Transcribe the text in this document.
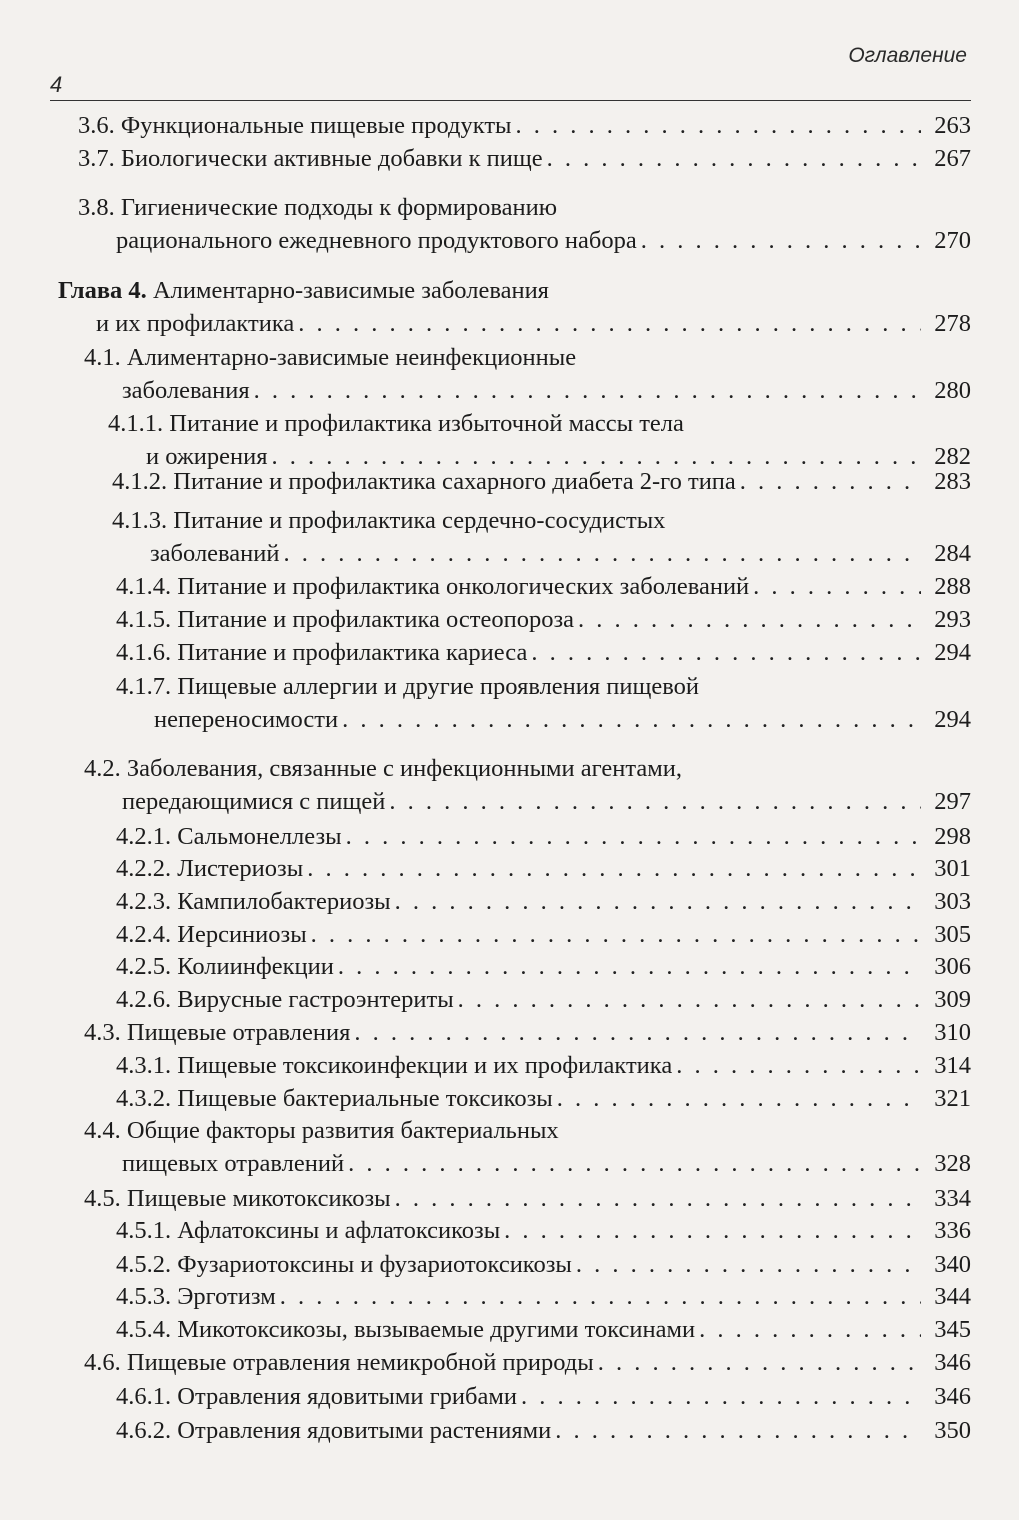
Оглавление
4
3.6. Функциональные пищевые продукты . . .	263
3.7. Биологически активные добавки к пище . . .	267
3.8. Гигиенические подходы к формированию
рационального ежедневного продуктового набора . . .	270
Глава 4. Алиментарно-зависимые заболевания
и их профилактика . . .	278
4.1. Алиментарно-зависимые неинфекционные
заболевания . . .	280
4.1.1. Питание и профилактика избыточной массы тела
и ожирения . . .	282
4.1.2. Питание и профилактика сахарного диабета 2-го типа . . .	283
4.1.3. Питание и профилактика сердечно-сосудистых
заболеваний . . .	284
4.1.4. Питание и профилактика онкологических заболеваний . . .	288
4.1.5. Питание и профилактика остеопороза . . .	293
4.1.6. Питание и профилактика кариеса . . .	294
4.1.7. Пищевые аллергии и другие проявления пищевой
непереносимости . . .	294
4.2. Заболевания, связанные с инфекционными агентами,
передающимися с пищей . . .	297
4.2.1. Сальмонеллезы . . .	298
4.2.2. Листериозы . . .	301
4.2.3. Кампилобактериозы . . .	303
4.2.4. Иерсиниозы . . .	305
4.2.5. Колиинфекции . . .	306
4.2.6. Вирусные гастроэнтериты . . .	309
4.3. Пищевые отравления . . .	310
4.3.1. Пищевые токсикоинфекции и их профилактика . . .	314
4.3.2. Пищевые бактериальные токсикозы . . .	321
4.4. Общие факторы развития бактериальных
пищевых отравлений . . .	328
4.5. Пищевые микотоксикозы . . .	334
4.5.1. Афлатоксины и афлатоксикозы . . .	336
4.5.2. Фузариотоксины и фузариотоксикозы . . .	340
4.5.3. Эрготизм . . .	344
4.5.4. Микотоксикозы, вызываемые другими токсинами . . .	345
4.6. Пищевые отравления немикробной природы . . .	346
4.6.1. Отравления ядовитыми грибами . . .	346
4.6.2. Отравления ядовитыми растениями . . .	350
